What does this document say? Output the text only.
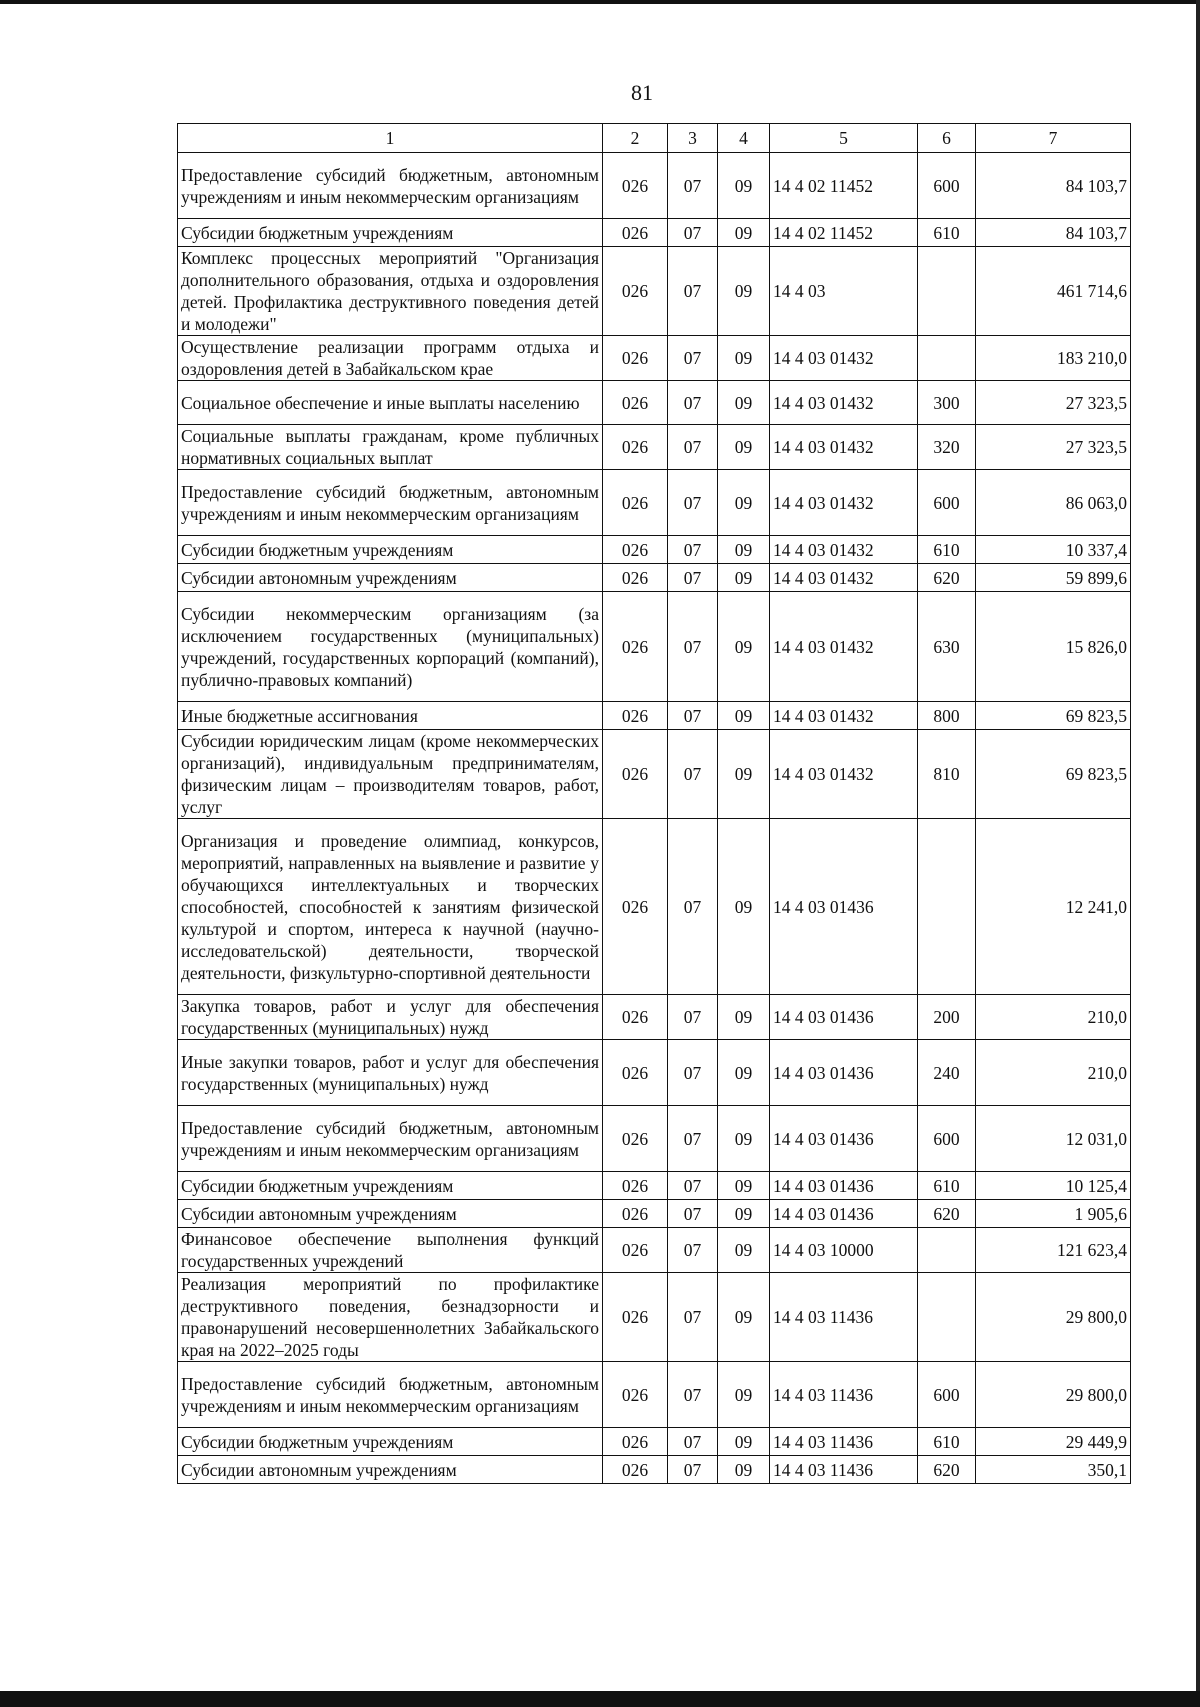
81
1	2	3	4	5	6	7
Предоставление субсидий бюджетным, автономным учреждениям и иным некоммерческим организациям	026	07	09	14 4 02 11452	600	84 103,7
Субсидии бюджетным учреждениям	026	07	09	14 4 02 11452	610	84 103,7
Комплекс процессных мероприятий "Организация дополнительного образования, отдыха и оздоровления детей. Профилактика деструктивного поведения детей и молодежи"	026	07	09	14 4 03		461 714,6
Осуществление реализации программ отдыха и оздоровления детей в Забайкальском крае	026	07	09	14 4 03 01432		183 210,0
Социальное обеспечение и иные выплаты населению	026	07	09	14 4 03 01432	300	27 323,5
Социальные выплаты гражданам, кроме публичных нормативных социальных выплат	026	07	09	14 4 03 01432	320	27 323,5
Предоставление субсидий бюджетным, автономным учреждениям и иным некоммерческим организациям	026	07	09	14 4 03 01432	600	86 063,0
Субсидии бюджетным учреждениям	026	07	09	14 4 03 01432	610	10 337,4
Субсидии автономным учреждениям	026	07	09	14 4 03 01432	620	59 899,6
Субсидии некоммерческим организациям (за исключением государственных (муниципальных) учреждений, государственных корпораций (компаний), публично-правовых компаний)	026	07	09	14 4 03 01432	630	15 826,0
Иные бюджетные ассигнования	026	07	09	14 4 03 01432	800	69 823,5
Субсидии юридическим лицам (кроме некоммерческих организаций), индивидуальным предпринимателям, физическим лицам – производителям товаров, работ, услуг	026	07	09	14 4 03 01432	810	69 823,5
Организация и проведение олимпиад, конкурсов, мероприятий, направленных на выявление и развитие у обучающихся интеллектуальных и творческих способностей, способностей к занятиям физической культурой и спортом, интереса к научной (научно-исследовательской) деятельности, творческой деятельности, физкультурно-спортивной деятельности	026	07	09	14 4 03 01436		12 241,0
Закупка товаров, работ и услуг для обеспечения государственных (муниципальных) нужд	026	07	09	14 4 03 01436	200	210,0
Иные закупки товаров, работ и услуг для обеспечения государственных (муниципальных) нужд	026	07	09	14 4 03 01436	240	210,0
Предоставление субсидий бюджетным, автономным учреждениям и иным некоммерческим организациям	026	07	09	14 4 03 01436	600	12 031,0
Субсидии бюджетным учреждениям	026	07	09	14 4 03 01436	610	10 125,4
Субсидии автономным учреждениям	026	07	09	14 4 03 01436	620	1 905,6
Финансовое обеспечение выполнения функций государственных учреждений	026	07	09	14 4 03 10000		121 623,4
Реализация мероприятий по профилактике деструктивного поведения, безнадзорности и правонарушений несовершеннолетних Забайкальского края на 2022–2025 годы	026	07	09	14 4 03 11436		29 800,0
Предоставление субсидий бюджетным, автономным учреждениям и иным некоммерческим организациям	026	07	09	14 4 03 11436	600	29 800,0
Субсидии бюджетным учреждениям	026	07	09	14 4 03 11436	610	29 449,9
Субсидии автономным учреждениям	026	07	09	14 4 03 11436	620	350,1
